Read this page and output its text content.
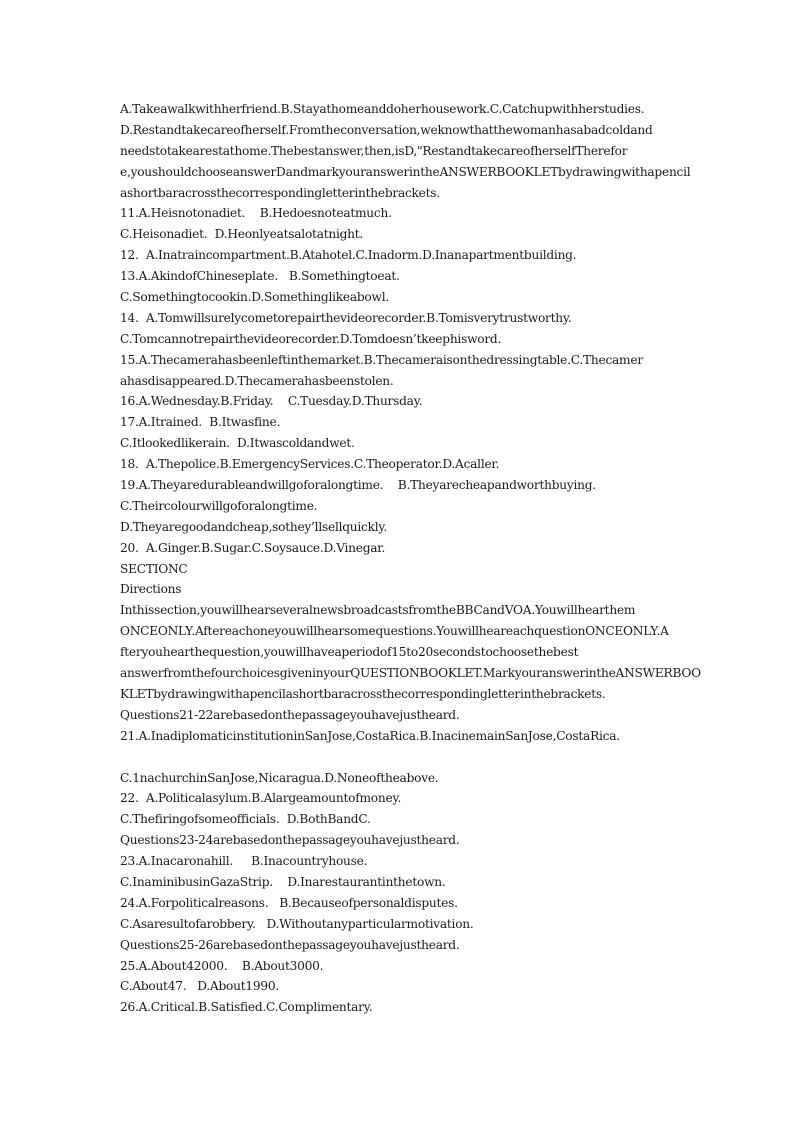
A.Takeawalkwithherfriend.B.Stayathomeanddoherhousework.C.Catchupwithherstudies.
D.Restandtakecareofherself.Fromtheconversation,weknowthatthewomanhasabadcoldand
needstotakearestathome.Thebestanswer,then,isD,"RestandtakecareofherselfTherefor
e,youshouldchooseanswerDandmarkyouranswerintheANSWERBOOKLETbydrawingwithapencil
ashortbaracrossthecorrespondingletterinthebrackets.
11.A.Heisnotonadiet.    B.Hedoesnoteatmuch.
C.Heisonadiet.  D.Heonlyeatsalotatnight.
12.  A.Inatraincompartment.B.Atahotel.C.Inadorm.D.Inanapartmentbuilding.
13.A.AkindofChineseplate.   B.Somethingtoeat.
C.Somethingtocookin.D.Somethinglikeabowl.
14.  A.Tomwillsurelycometorepairthevideorecorder.B.Tomisverytrustworthy.
C.Tomcannotrepairthevideorecorder.D.Tomdoesn’tkeephisword.
15.A.Thecamerahasbeenleftinthemarket.B.Thecameraisonthedressingtable.C.Thecamer
ahasdisappeared.D.Thecamerahasbeenstolen.
16.A.Wednesday.B.Friday.    C.Tuesday.D.Thursday.
17.A.Itrained.  B.Itwasfine.
C.Itlookedlikerain.  D.Itwascoldandwet.
18.  A.Thepolice.B.EmergencyServices.C.Theoperator.D.Acaller.
19.A.Theyaredurableandwillgoforalongtime.    B.Theyarecheapandworthbuying.
C.Theircolourwillgoforalongtime.
D.Theyaregoodandcheap,sothey’llsellquickly.
20.  A.Ginger.B.Sugar.C.Soysauce.D.Vinegar.
SECTIONC
Directions
Inthissection,youwillhearseveralnewsbroadcastsfromtheBBCandVOA.Youwillhearthem
ONCEONLY.Aftereachoneyouwillhearsomequestions.YouwillheareachquestionONCEONLY.A
fteryouhearthequestion,youwillhaveaperiodof15to20secondstochoosethebest
answerfromthefourchoicesgiveninyourQUESTIONBOOKLET.MarkyouranswerintheANSWERBOO
KLETbydrawingwithapencilashortbaracrossthecorrespondingletterinthebrackets.
Questions21-22arebasedonthepassageyouhavejustheard.
21.A.InadiplomaticinstitutioninSanJose,CostaRica.B.InacinemainSanJose,CostaRica.
C.1nachurchinSanJose,Nicaragua.D.Noneoftheabove.
22.  A.Politicalasylum.B.Alargeamountofmoney.
C.Thefiringofsomeofficials.  D.BothBandC.
Questions23-24arebasedonthepassageyouhavejustheard.
23.A.Inacaronahill.     B.Inacountryhouse.
C.InaminibusinGazaStrip.    D.Inarestaurantinthetown.
24.A.Forpoliticalreasons.   B.Becauseofpersonaldisputes.
C.Asaresultofarobbery.   D.Withoutanyparticularmotivation.
Questions25-26arebasedonthepassageyouhavejustheard.
25.A.About42000.    B.About3000.
C.About47.   D.About1990.
26.A.Critical.B.Satisfied.C.Complimentary.
